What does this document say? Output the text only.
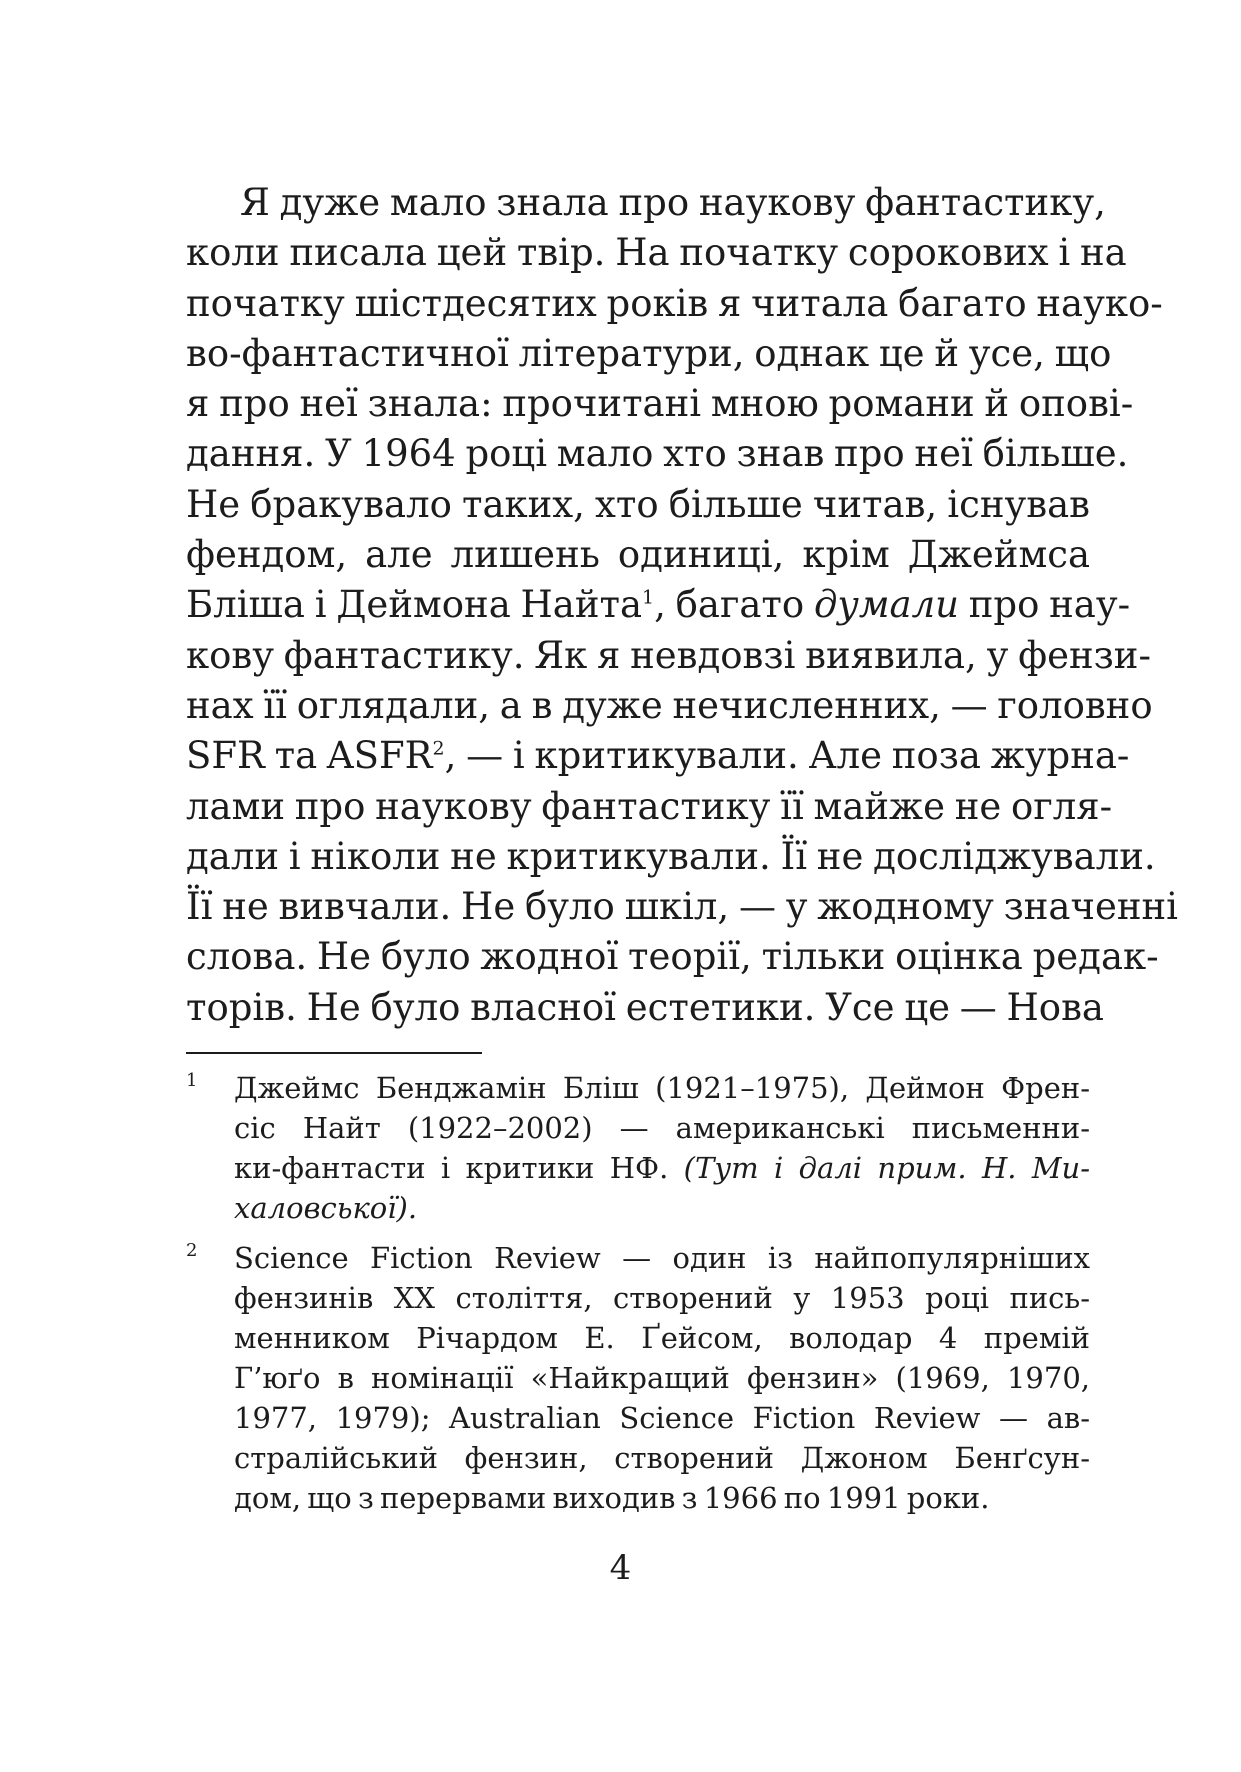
Я дуже мало знала про наукову фантастику,
коли писала цей твір. На початку сорокових і на
початку шістдесятих років я читала багато науко-
во-фантастичної літератури, однак це й усе, що
я про неї знала: прочитані мною романи й опові-
дання. У 1964 році мало хто знав про неї більше.
Не бракувало таких, хто більше читав, існував
фендом, але лишень одиниці, крім Джеймса
Бліша і Деймона Найта$^1$, багато думали про нау-
кову фантастику. Як я невдовзі виявила, у фензи-
нах її оглядали, а в дуже нечисленних, — головно
SFR та ASFR$^2$, — і критикували. Але поза журна-
лами про наукову фантастику її майже не огля-
дали і ніколи не критикували. Її не досліджували.
Її не вивчали. Не було шкіл, — у жодному значенні
слова. Не було жодної теорії, тільки оцінка редак-
торів. Не було власної естетики. Усе це — Нова
1 Джеймс Бенджамін Бліш (1921–1975), Деймон Френ-
сіс Найт (1922–2002) — американські письменни-
ки-фантасти і критики НФ. (Тут і далі прим. Н. Ми-
халовської).
2 Science Fiction Review — один із найпопулярніших
фензинів XX століття, створений у 1953 році пись-
менником Річардом Е. Ґейсом, володар 4 премій
Г’юґо в номінації «Найкращий фензин» (1969, 1970,
1977, 1979); Australian Science Fiction Review — ав-
стралійський фензин, створений Джоном Бенґсун-
дом, що з перервами виходив з 1966 по 1991 роки.
4
